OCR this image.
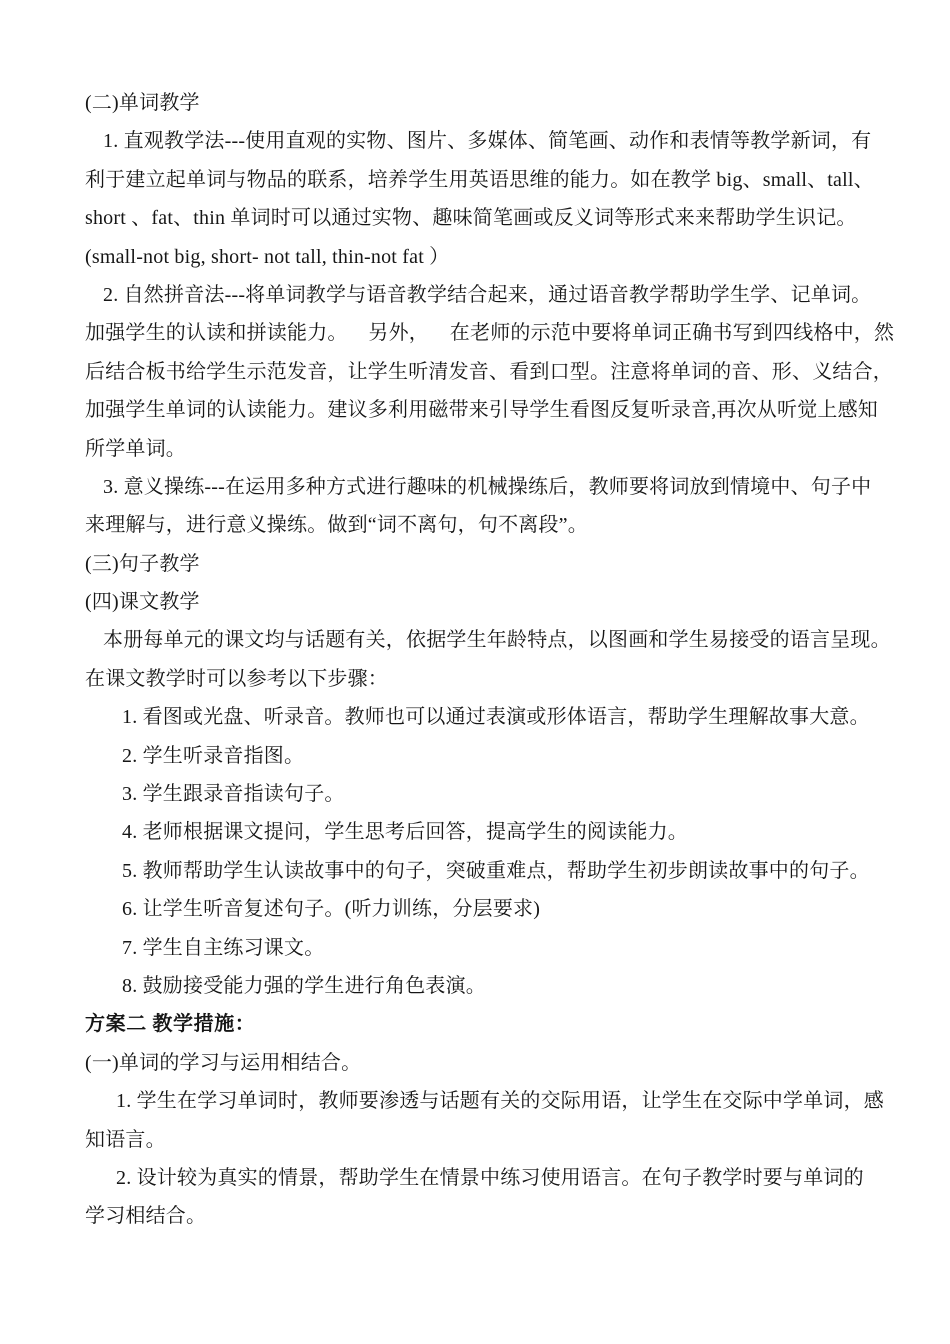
(二)单词教学
1. 直观教学法---使用直观的实物、图片、多媒体、简笔画、动作和表情等教学新词，有
利于建立起单词与物品的联系，培养学生用英语思维的能力。如在教学 big、small、tall、
short 、fat、thin 单词时可以通过实物、趣味简笔画或反义词等形式来来帮助学生识记。
(small-not big, short- not tall, thin-not fat ）
2. 自然拼音法---将单词教学与语音教学结合起来，通过语音教学帮助学生学、记单词。
加强学生的认读和拼读能力。    另外，    在老师的示范中要将单词正确书写到四线格中，然
后结合板书给学生示范发音，让学生听清发音、看到口型。注意将单词的音、形、义结合，
加强学生单词的认读能力。建议多利用磁带来引导学生看图反复听录音,再次从听觉上感知
所学单词。
3. 意义操练---在运用多种方式进行趣味的机械操练后，教师要将词放到情境中、句子中
来理解与，进行意义操练。做到“词不离句，句不离段”。
(三)句子教学
(四)课文教学
本册每单元的课文均与话题有关，依据学生年龄特点，以图画和学生易接受的语言呈现。
在课文教学时可以参考以下步骤：
1. 看图或光盘、听录音。教师也可以通过表演或形体语言，帮助学生理解故事大意。
2. 学生听录音指图。
3. 学生跟录音指读句子。
4. 老师根据课文提问，学生思考后回答，提高学生的阅读能力。
5. 教师帮助学生认读故事中的句子，突破重难点，帮助学生初步朗读故事中的句子。
6. 让学生听音复述句子。(听力训练，分层要求)
7. 学生自主练习课文。
8. 鼓励接受能力强的学生进行角色表演。
方案二 教学措施：
(一)单词的学习与运用相结合。
1. 学生在学习单词时，教师要渗透与话题有关的交际用语，让学生在交际中学单词，感
知语言。
2. 设计较为真实的情景，帮助学生在情景中练习使用语言。在句子教学时要与单词的
学习相结合。
